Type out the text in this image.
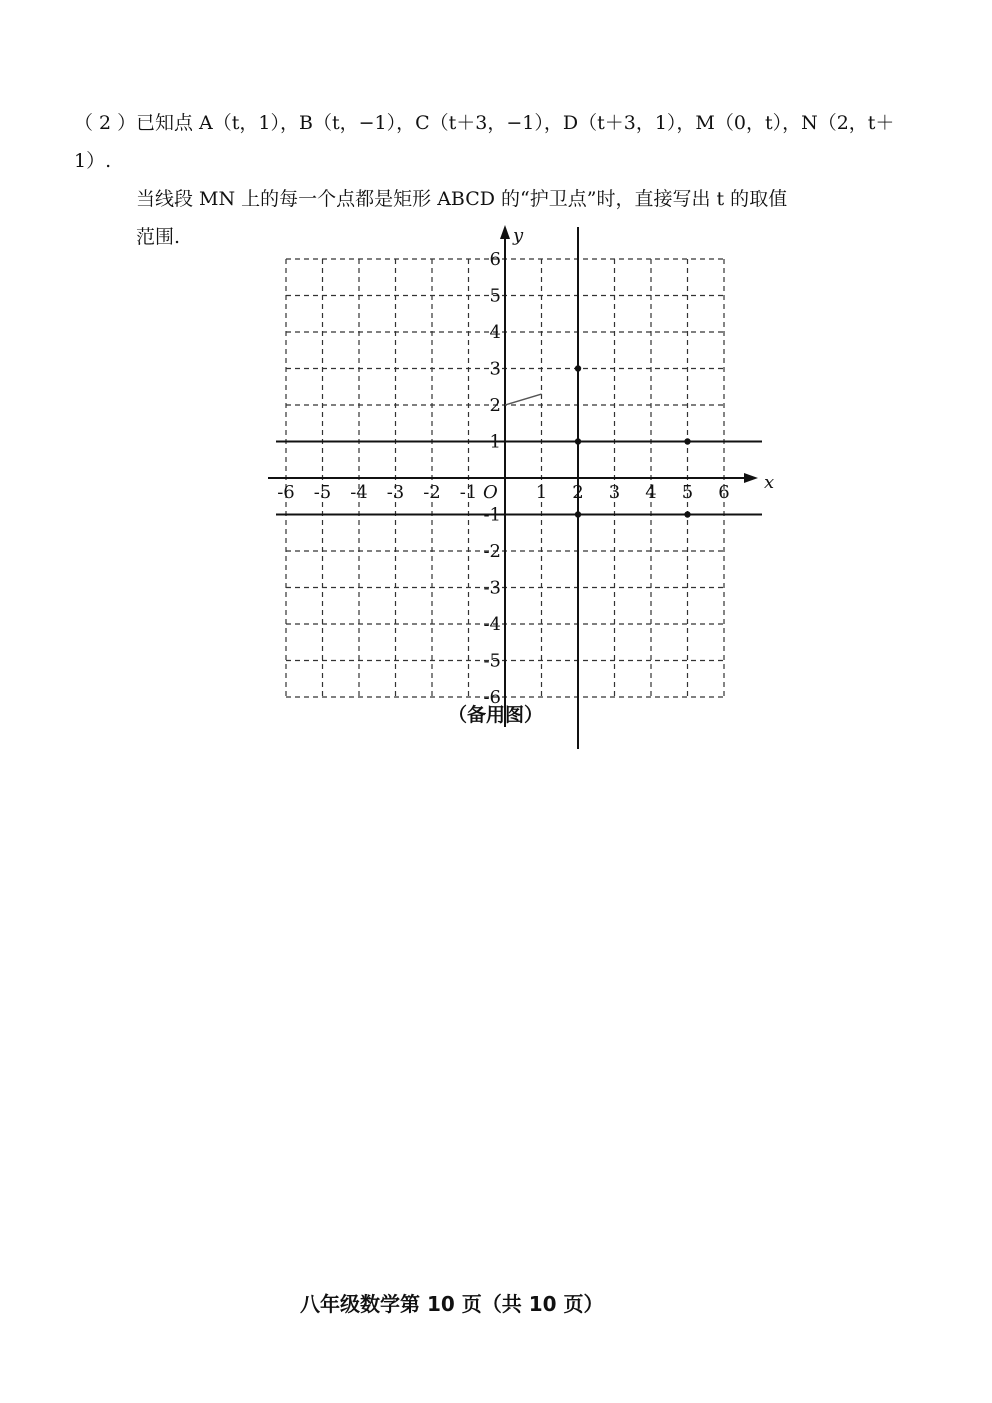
（ 2 ）已知点 A（t，1），B（t，−1），C（t＋3，−1），D（t＋3，1），M（0，t），N（2，t＋1）.
当线段 MN 上的每一个点都是矩形 ABCD 的“护卫点”时，直接写出 t 的取值
范围.
-6 -5 -4 -3 -2 -1	1 2 3 4 5 6
6
5
4
3
2
1
-1
-2
-3
-4
-5
-6
O	x
y
（备用图）
八年级数学第 10 页（共 10 页）
